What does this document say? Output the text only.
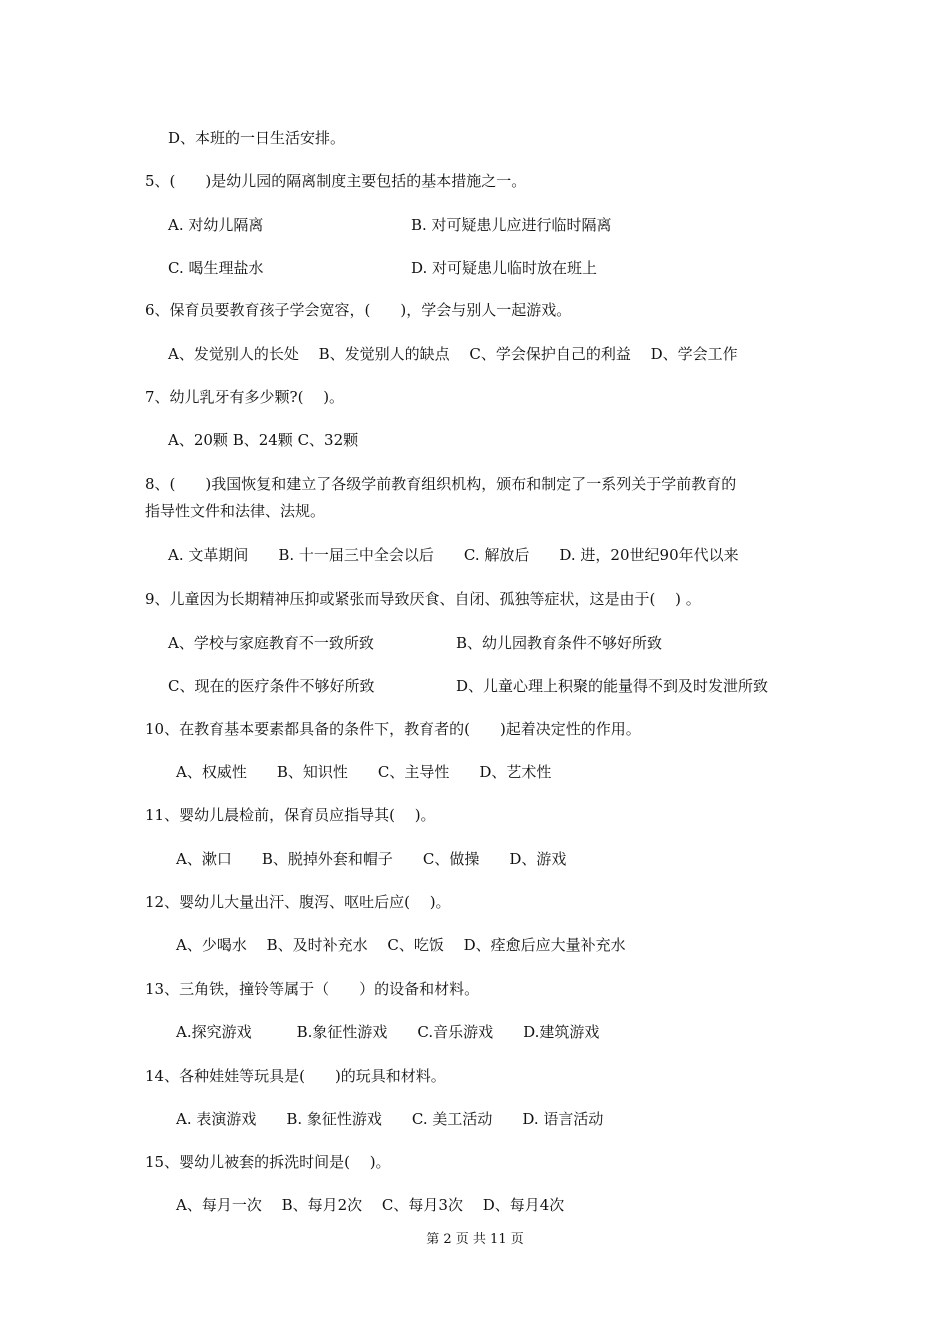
D、本班的一日生活安排。
5、(　　)是幼儿园的隔离制度主要包括的基本措施之一。
A. 对幼儿隔离	B. 对可疑患儿应进行临时隔离
C. 喝生理盐水	D. 对可疑患儿临时放在班上
6、保育员要教育孩子学会宽容，(　　)，学会与别人一起游戏。
A、发觉别人的长处　 B、发觉别人的缺点　 C、学会保护自己的利益　 D、学会工作
7、幼儿乳牙有多少颗?(　 )。
A、20颗 B、24颗 C、32颗
8、(　　)我国恢复和建立了各级学前教育组织机构，颁布和制定了一系列关于学前教育的
指导性文件和法律、法规。
A. 文革期间　　B. 十一届三中全会以后　　C. 解放后　　D. 进，20世纪90年代以来
9、儿童因为长期精神压抑或紧张而导致厌食、自闭、孤独等症状，这是由于(　 ) 。
A、学校与家庭教育不一致所致	B、幼儿园教育条件不够好所致
C、现在的医疗条件不够好所致	D、儿童心理上积聚的能量得不到及时发泄所致
10、在教育基本要素都具备的条件下，教育者的(　　)起着决定性的作用。
A、权威性　　B、知识性　　C、主导性　　D、艺术性
11、婴幼儿晨检前，保育员应指导其(　 )。
A、漱口　　B、脱掉外套和帽子　　C、做操　　D、游戏
12、婴幼儿大量出汗、腹泻、呕吐后应(　 )。
A、少喝水　 B、及时补充水　 C、吃饭　 D、痊愈后应大量补充水
13、三角铁，撞铃等属于（　　）的设备和材料。
A.探究游戏　　　B.象征性游戏　　C.音乐游戏　　D.建筑游戏
14、各种娃娃等玩具是(　　)的玩具和材料。
A. 表演游戏　　B. 象征性游戏　　C. 美工活动　　D. 语言活动
15、婴幼儿被套的拆洗时间是(　 )。
A、每月一次　 B、每月2次　 C、每月3次　 D、每月4次
第 2 页 共 11 页
